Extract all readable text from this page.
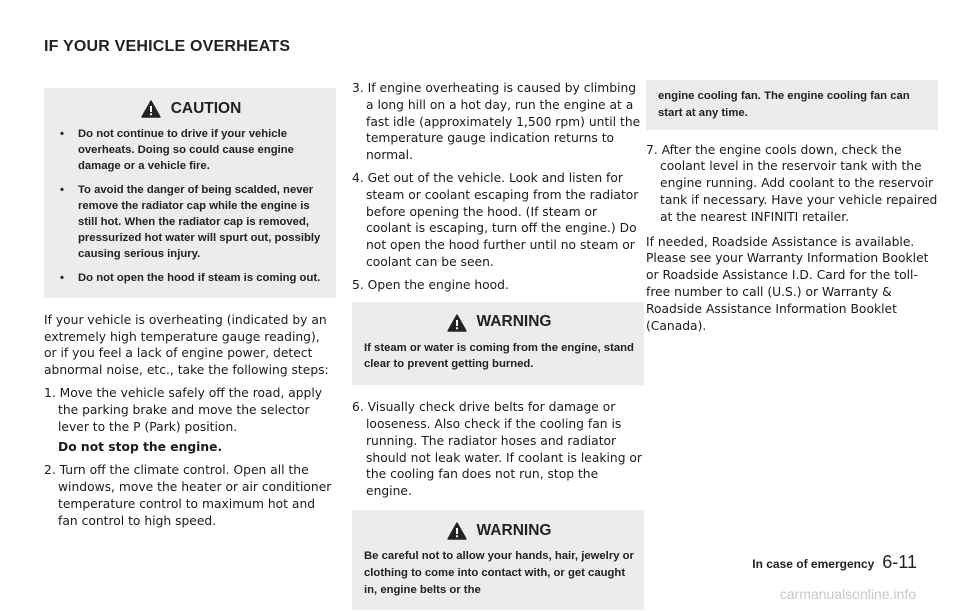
IF YOUR VEHICLE OVERHEATS
CAUTION
• Do not continue to drive if your vehicle overheats. Doing so could cause engine damage or a vehicle fire.
• To avoid the danger of being scalded, never remove the radiator cap while the engine is still hot. When the radiator cap is removed, pressurized hot water will spurt out, possibly causing serious injury.
• Do not open the hood if steam is coming out.

If your vehicle is overheating (indicated by an extremely high temperature gauge reading), or if you feel a lack of engine power, detect abnormal noise, etc., take the following steps:

1. Move the vehicle safely off the road, apply the parking brake and move the selector lever to the P (Park) position.
Do not stop the engine.
2. Turn off the climate control. Open all the windows, move the heater or air conditioner temperature control to maximum hot and fan control to high speed.
3. If engine overheating is caused by climbing a long hill on a hot day, run the engine at a fast idle (approximately 1,500 rpm) until the temperature gauge indication returns to normal.
4. Get out of the vehicle. Look and listen for steam or coolant escaping from the radiator before opening the hood. (If steam or coolant is escaping, turn off the engine.) Do not open the hood further until no steam or coolant can be seen.
5. Open the engine hood.
WARNING
If steam or water is coming from the engine, stand clear to prevent getting burned.
6. Visually check drive belts for damage or looseness. Also check if the cooling fan is running. The radiator hoses and radiator should not leak water. If coolant is leaking or the cooling fan does not run, stop the engine.
WARNING
Be careful not to allow your hands, hair, jewelry or clothing to come into contact with, or get caught in, engine belts or the
engine cooling fan. The engine cooling fan can start at any time.
7. After the engine cools down, check the coolant level in the reservoir tank with the engine running. Add coolant to the reservoir tank if necessary. Have your vehicle repaired at the nearest INFINITI retailer.

If needed, Roadside Assistance is available. Please see your Warranty Information Booklet or Roadside Assistance I.D. Card for the toll-free number to call (U.S.) or Warranty & Roadside Assistance Information Booklet (Canada).

In case of emergency 6-11
carmanualsonline.info
